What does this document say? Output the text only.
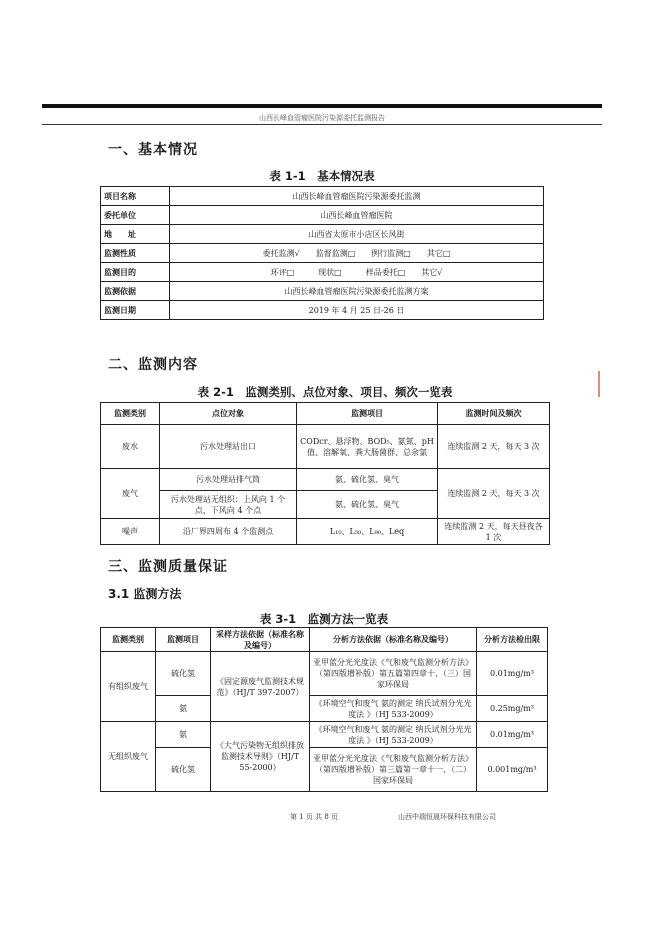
山西长峰血管瘤医院污染源委托监测报告
一、基本情况
表 1-1　基本情况表
项目名称	山西长峰血管瘤医院污染源委托监测
委托单位	山西长峰血管瘤医院
地　　址	山西省太原市小店区长风街
监测性质	委托监测√　　监督监测□　　例行监测□　　其它□
监测目的	环评□　　　现状□　　　样品委托□　　其它√
监测依据	山西长峰血管瘤医院污染源委托监测方案
监测日期	2019 年 4 月 25 日-26 日
二、监测内容
表 2-1　监测类别、点位对象、项目、频次一览表
监测类别	点位对象	监测项目	监测时间及频次
废水	污水处理站出口	CODcr、悬浮物、BOD₅、氨氮、pH 值、溶解氧、粪大肠菌群、总余氯	连续监测 2 天，每天 3 次
废气	污水处理站排气筒	氨、硫化氢、臭气	连续监测 2 天，每天 3 次
	污水处理站无组织：上风向 1 个点，下风向 4 个点	氨、硫化氢、臭气	
噪声	沿厂界四周布 4 个监测点	L₁₀、L₅₀、L₉₀、Leq	连续监测 2 天，每天昼夜各 1 次
三、监测质量保证
3.1 监测方法
表 3-1　监测方法一览表
监测类别	监测项目	采样方法依据（标准名称及编号）	分析方法依据（标准名称及编号）	分析方法检出限
有组织废气	硫化氢	《固定源废气监测技术规范》（HJ/T 397-2007）	亚甲蓝分光光度法《气和废气监测分析方法》（第四版增补版）第五篇第四章十、（三）国家环保局	0.01mg/m³
	氨		《环境空气和废气 氨的测定 纳氏试剂分光光度法 》（HJ 533-2009）	0.25mg/m³
无组织废气	氨	《大气污染物无组织排放监测技术导则》（HJ/T 55-2000）	《环境空气和废气 氨的测定 纳氏试剂分光光度法 》（HJ 533-2009）	0.01mg/m³
	硫化氢		亚甲蓝分光光度法《气和废气监测分析方法》（第四版增补版）第三篇第一章十一、（二）国家环保局	0.001mg/m³
第 1 页 共 8 页	山西中瑞恒晟环保科技有限公司
